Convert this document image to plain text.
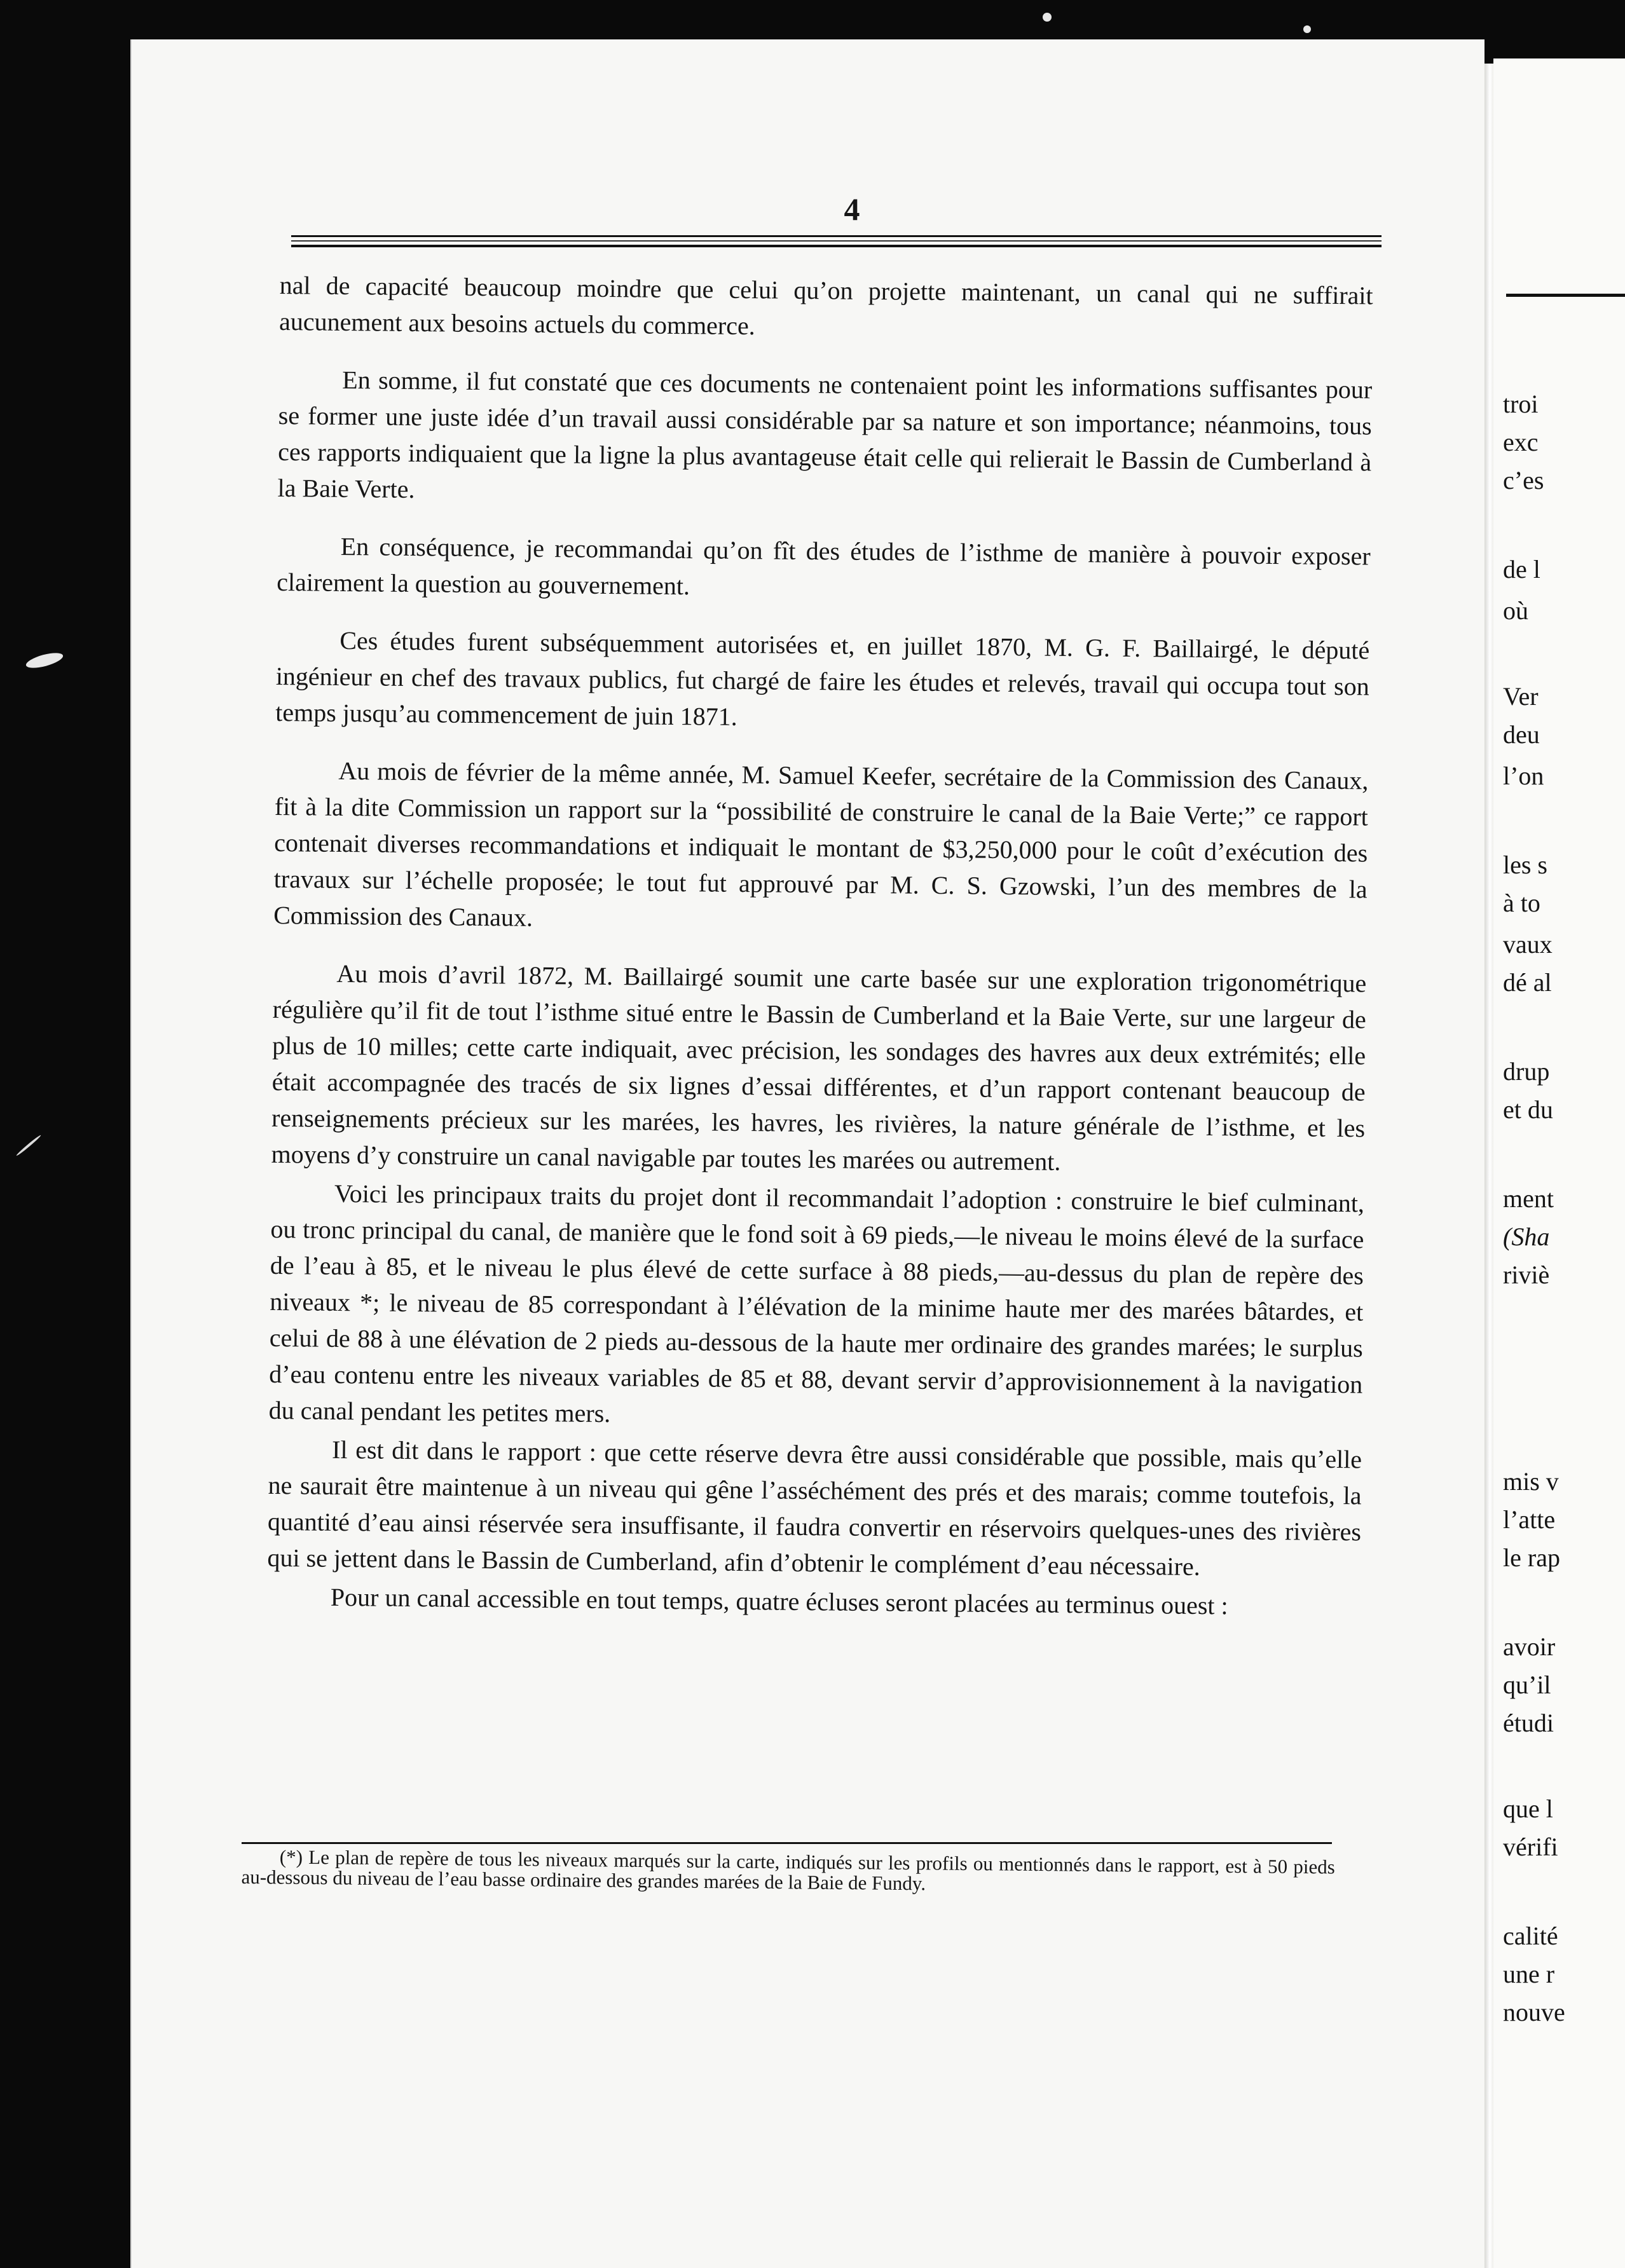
4

nal de capacité beaucoup moindre que celui qu’on projette maintenant, un canal qui ne suffirait aucunement aux besoins actuels du commerce.

En somme, il fut constaté que ces documents ne contenaient point les informations suffisantes pour se former une juste idée d’un travail aussi considérable par sa nature et son importance; néanmoins, tous ces rapports indiquaient que la ligne la plus avantageuse était celle qui relierait le Bassin de Cumberland à la Baie Verte.

En conséquence, je recommandai qu’on fît des études de l’isthme de manière à pouvoir exposer clairement la question au gouvernement.

Ces études furent subséquemment autorisées et, en juillet 1870, M. G. F. Baillairgé, le député ingénieur en chef des travaux publics, fut chargé de faire les études et relevés, travail qui occupa tout son temps jusqu’au commencement de juin 1871.

Au mois de février de la même année, M. Samuel Keefer, secrétaire de la Commission des Canaux, fit à la dite Commission un rapport sur la “possibilité de construire le canal de la Baie Verte;” ce rapport contenait diverses recommandations et indiquait le montant de $3,250,000 pour le coût d’exécution des travaux sur l’échelle proposée; le tout fut approuvé par M. C. S. Gzowski, l’un des membres de la Commission des Canaux.

Au mois d’avril 1872, M. Baillairgé soumit une carte basée sur une exploration trigonométrique régulière qu’il fit de tout l’isthme situé entre le Bassin de Cumberland et la Baie Verte, sur une largeur de plus de 10 milles; cette carte indiquait, avec précision, les sondages des havres aux deux extrémités; elle était accompagnée des tracés de six lignes d’essai différentes, et d’un rapport contenant beaucoup de renseignements précieux sur les marées, les havres, les rivières, la nature générale de l’isthme, et les moyens d’y construire un canal navigable par toutes les marées ou autrement.

Voici les principaux traits du projet dont il recommandait l’adoption : construire le bief culminant, ou tronc principal du canal, de manière que le fond soit à 69 pieds,—le niveau le moins élevé de la surface de l’eau à 85, et le niveau le plus élevé de cette surface à 88 pieds,—au-dessus du plan de repère des niveaux *; le niveau de 85 correspondant à l’élévation de la minime haute mer des marées bâtardes, et celui de 88 à une élévation de 2 pieds au-dessous de la haute mer ordinaire des grandes marées; le surplus d’eau contenu entre les niveaux variables de 85 et 88, devant servir d’approvisionnement à la navigation du canal pendant les petites mers.

Il est dit dans le rapport : que cette réserve devra être aussi considérable que possible, mais qu’elle ne saurait être maintenue à un niveau qui gêne l’asséchément des prés et des marais; comme toutefois, la quantité d’eau ainsi réservée sera insuffisante, il faudra convertir en réservoirs quelques-unes des rivières qui se jettent dans le Bassin de Cumberland, afin d’obtenir le complément d’eau nécessaire.

Pour un canal accessible en tout temps, quatre écluses seront placées au terminus ouest :

(*) Le plan de repère de tous les niveaux marqués sur la carte, indiqués sur les profils ou mentionnés dans le rapport, est à 50 pieds au-dessous du niveau de l’eau basse ordinaire des grandes marées de la Baie de Fundy.
troi
exc
c’es
de l
où
Ver
deu
l’on
les s
à to
vaux
dé al
drup
et du
ment
(Sha
riviè
mis v
l’atte
le rap
avoir
qu’il
étudi
que l
vérifi
calité
une r
nouve
